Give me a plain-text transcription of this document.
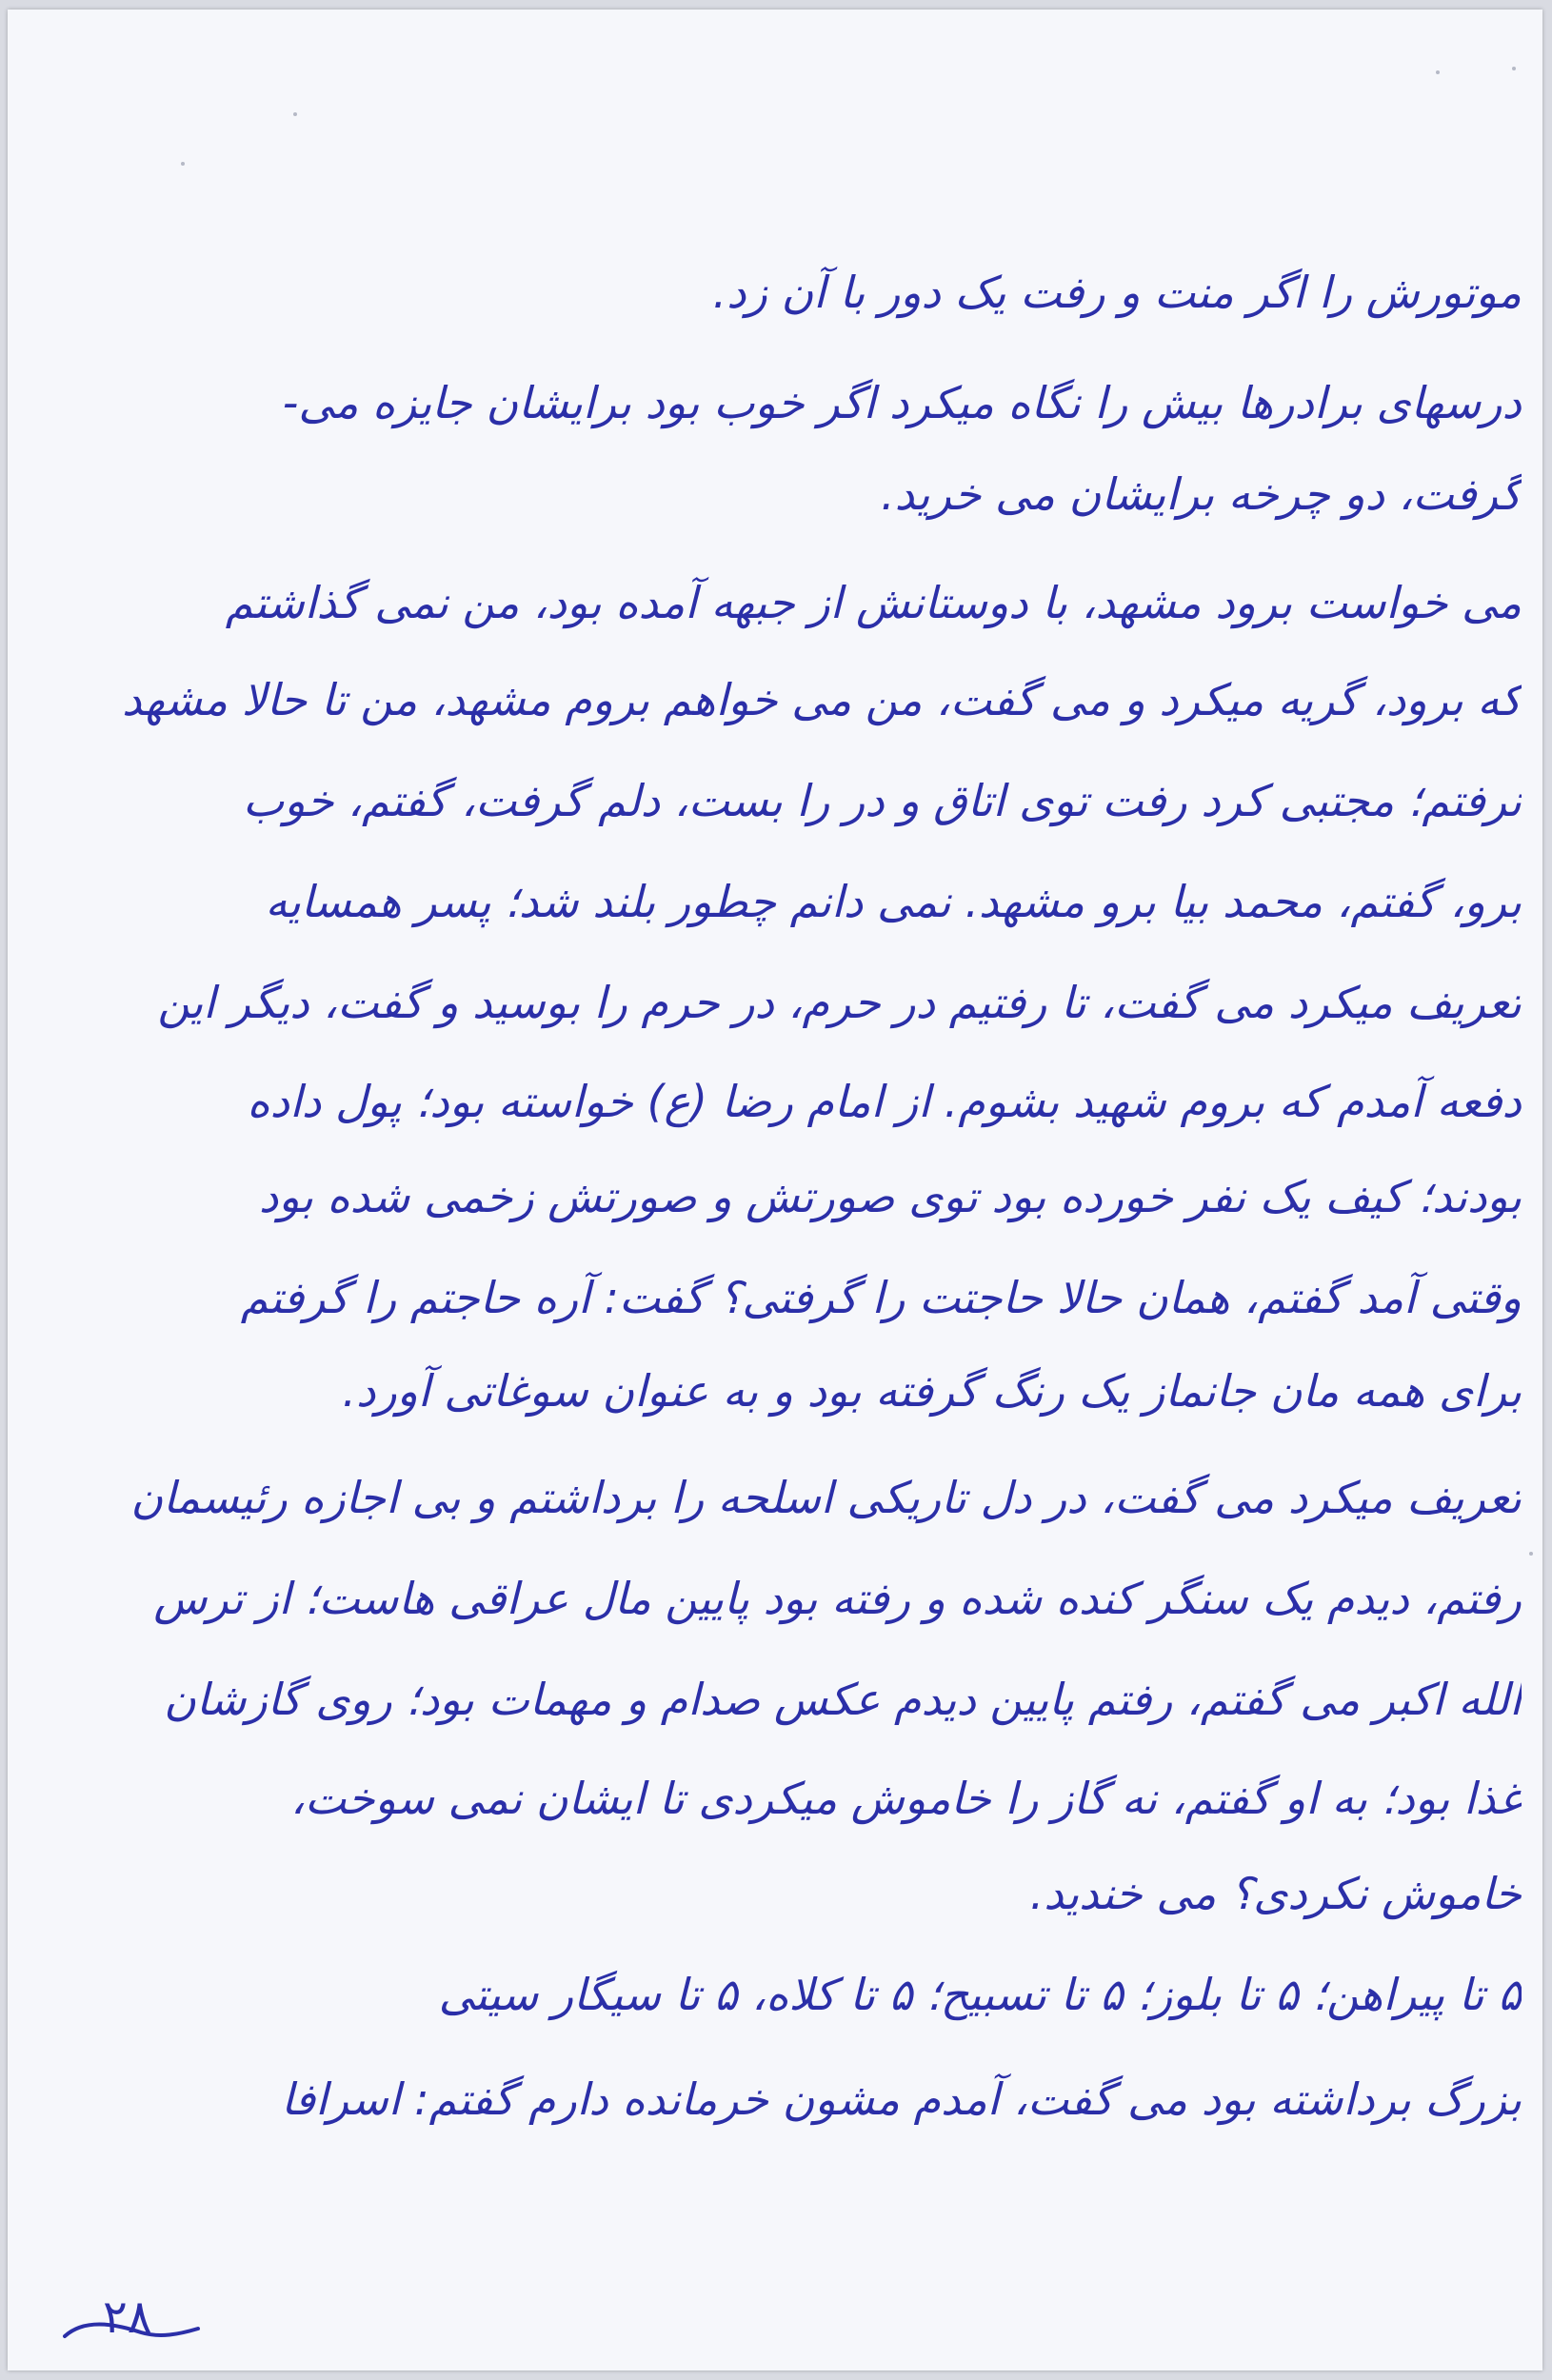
موتورش را اگر منت و رفت یک دور با آن زد.
درسهای برادرها بیش را نگاه میکرد اگر خوب بود برایشان جایزه می-
گرفت، دو چرخه برایشان می خرید.
می خواست برود مشهد، با دوستانش از جبهه آمده بود، من نمی گذاشتم
که برود، گریه میکرد و می گفت، من می خواهم بروم مشهد، من تا حالا مشهد
نرفتم؛ مجتبی کرد رفت توی اتاق و در را بست، دلم گرفت، گفتم، خوب
برو، گفتم، محمد بیا برو مشهد. نمی دانم چطور بلند شد؛ پسر همسایه
تعریف میکرد می گفت، تا رفتیم در حرم، در حرم را بوسید و گفت، دیگر این
دفعه آمدم که بروم شهید بشوم. از امام رضا (ع) خواسته بود؛ پول داده
بودند؛ کیف یک نفر خورده بود توی صورتش و صورتش زخمی شده بود
وقتی آمد گفتم، همان حالا حاجتت را گرفتی؟ گفت: آره حاجتم را گرفتم
برای همه مان جانماز یک رنگ گرفته بود و به عنوان سوغاتی آورد.
تعریف میکرد می گفت، در دل تاریکی اسلحه را برداشتم و بی اجازه رئیسمان
رفتم، دیدم یک سنگر کنده شده و رفته بود پایین مال عراقی هاست؛ از ترس
الله اکبر می گفتم، رفتم پایین دیدم عکس صدام و مهمات بود؛ روی گازشان
غذا بود؛ به او گفتم، نه گاز را خاموش میکردی تا ایشان نمی سوخت،
خاموش نکردی؟ می خندید.
۵ تا پیراهن؛ ۵ تا بلوز؛ ۵ تا تسبیح؛ ۵ تا کلاه، ۵ تا سیگار سیتی
بزرگ برداشته بود می گفت، آمدم مشون خرمانده دارم گفتم: اسرافا
۲۸
